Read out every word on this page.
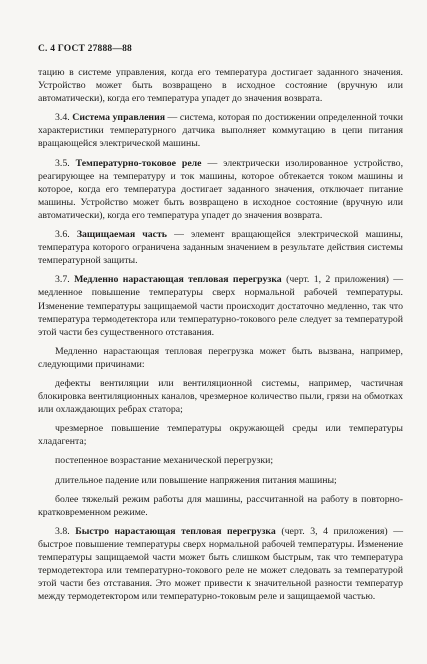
С. 4 ГОСТ 27888—88

тацию в системе управления, когда его температура достигает заданного значения. Устройство может быть возвращено в исходное состояние (вручную или автоматически), когда его температура упадет до значения возврата.

3.4. Система управления — система, которая по достижении определенной точки характеристики температурного датчика выполняет коммутацию в цепи питания вращающейся электрической машины.

3.5. Температурно-токовое реле — электрически изолированное устройство, реагирующее на температуру и ток машины, которое обтекается током машины и которое, когда его температура достигает заданного значения, отключает питание машины. Устройство может быть возвращено в исходное состояние (вручную или автоматически), когда его температура упадет до значения возврата.

3.6. Защищаемая часть — элемент вращающейся электрической машины, температура которого ограничена заданным значением в результате действия системы температурной защиты.

3.7. Медленно нарастающая тепловая перегрузка (черт. 1, 2 приложения) — медленное повышение температуры сверх нормальной рабочей температуры. Изменение температуры защищаемой части происходит достаточно медленно, так что температура термодетектора или температурно-токового реле следует за температурой этой части без существенного отставания.

Медленно нарастающая тепловая перегрузка может быть вызвана, например, следующими причинами:

дефекты вентиляции или вентиляционной системы, например, частичная блокировка вентиляционных каналов, чрезмерное количество пыли, грязи на обмотках или охлаждающих ребрах статора;

чрезмерное повышение температуры окружающей среды или температуры хладагента;

постепенное возрастание механической перегрузки;

длительное падение или повышение напряжения питания машины;

более тяжелый режим работы для машины, рассчитанной на работу в повторно-кратковременном режиме.

3.8. Быстро нарастающая тепловая перегрузка (черт. 3, 4 приложения) — быстрое повышение температуры сверх нормальной рабочей температуры. Изменение температуры защищаемой части может быть слишком быстрым, так что температура термодетектора или температурно-токового реле не может следовать за температурой этой части без отставания. Это может привести к значительной разности температур между термодетектором или температурно-токовым реле и защищаемой частью.
